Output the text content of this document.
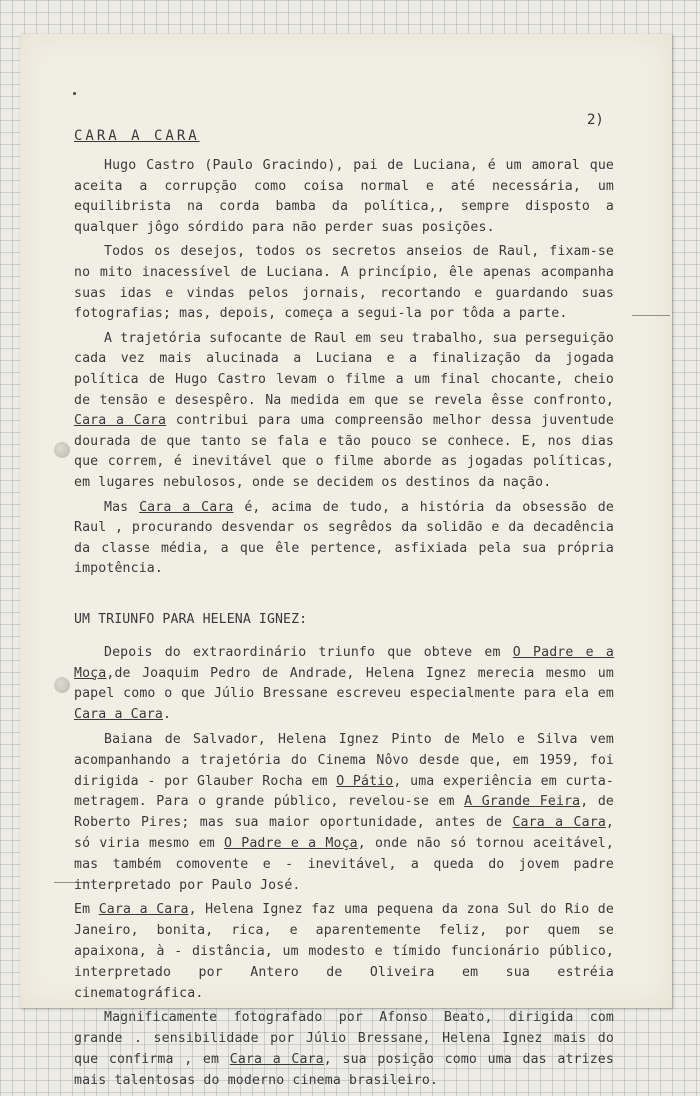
2)
CARA A CARA

Hugo Castro (Paulo Gracindo), pai de Luciana, é um amoral que aceita a corrupção como coisa normal e até necessária, um equilibrista na corda bamba da política,, sempre disposto a qualquer jôgo sórdido para não perder suas posições.

Todos os desejos, todos os secretos anseios de Raul, fixam-se no mito inacessível de Luciana. A princípio, êle apenas acompanha suas idas e vindas pelos jornais, recortando e guardando suas fotografias; mas, depois, começa a segui-la por tôda a parte.

A trajetória sufocante de Raul em seu trabalho, sua perseguição cada vez mais alucinada a Luciana e a finalização da jogada política de Hugo Castro levam o filme a um final chocante, cheio de tensão e desespêro. Na medida em que se revela êsse confronto, Cara a Cara contribui para uma compreensão melhor dessa juventude dourada de que tanto se fala e tão pouco se conhece. E, nos dias que correm, é inevitável que o filme aborde as jogadas políticas, em lugares nebulosos, onde se decidem os destinos da nação.

Mas Cara a Cara é, acima de tudo, a história da obsessão de Raul , procurando desvendar os segrêdos da solidão e da decadência da classe média, a que êle pertence, asfixiada pela sua própria impotência.

UM TRIUNFO PARA HELENA IGNEZ:

Depois do extraordinário triunfo que obteve em O Padre e a Moça,de Joaquim Pedro de Andrade, Helena Ignez merecia mesmo um papel como o que Júlio Bressane escreveu especialmente para ela em Cara a Cara.

Baiana de Salvador, Helena Ignez Pinto de Melo e Silva vem acompanhando a trajetória do Cinema Nôvo desde que, em 1959, foi dirigida - por Glauber Rocha em O Pátio, uma experiência em curta-metragem. Para o grande público, revelou-se em A Grande Feira, de Roberto Pires; mas sua maior oportunidade, antes de Cara a Cara, só viria mesmo em O Padre e a Moça, onde não só tornou aceitável, mas também comovente e - inevitável, a queda do jovem padre interpretado por Paulo José.

Em Cara a Cara, Helena Ignez faz uma pequena da zona Sul do Rio de Janeiro, bonita, rica, e aparentemente feliz, por quem se apaixona, à - distância, um modesto e tímido funcionário público, interpretado por Antero de Oliveira em sua estréia cinematográfica.

Magnificamente fotografado por Afonso Beato, dirigida com grande . sensibilidade por Júlio Bressane, Helena Ignez mais do que confirma , em Cara a Cara, sua posição como uma das atrizes mais talentosas do moderno cinema brasileiro.
